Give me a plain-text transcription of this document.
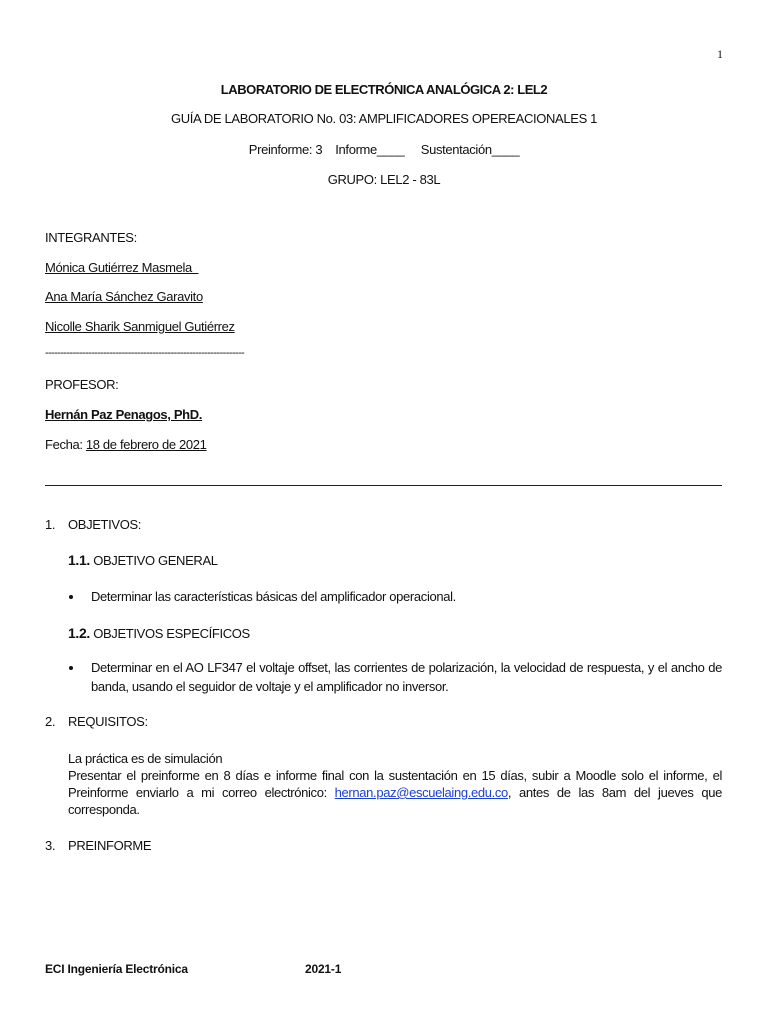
1
LABORATORIO DE ELECTRÓNICA ANALÓGICA 2: LEL2
GUÍA DE LABORATORIO No. 03: AMPLIFICADORES OPEREACIONALES 1
Preinforme: 3    Informe____     Sustentación____
GRUPO: LEL2 - 83L
INTEGRANTES:
Mónica Gutiérrez Masmela
Ana María Sánchez Garavito
Nicolle Sharik Sanmiguel Gutiérrez
-----------------------------------------------------------------
PROFESOR:
Hernán Paz Penagos, PhD.
Fecha: 18 de febrero de 2021
1. OBJETIVOS:
1.1. OBJETIVO GENERAL
Determinar las características básicas del amplificador operacional.
1.2. OBJETIVOS ESPECÍFICOS
Determinar en el AO LF347 el voltaje offset, las corrientes de polarización, la velocidad de respuesta, y el ancho de
banda, usando el seguidor de voltaje y el amplificador no inversor.
2. REQUISITOS:
La práctica es de simulación
Presentar el preinforme en 8 días e informe final con la sustentación en 15 días, subir a Moodle solo el informe, el
Preinforme enviarlo a mi correo electrónico: hernan.paz@escuelaing.edu.co, antes de las 8am del jueves que
corresponda.
3. PREINFORME
ECI Ingeniería Electrónica	2021-1
